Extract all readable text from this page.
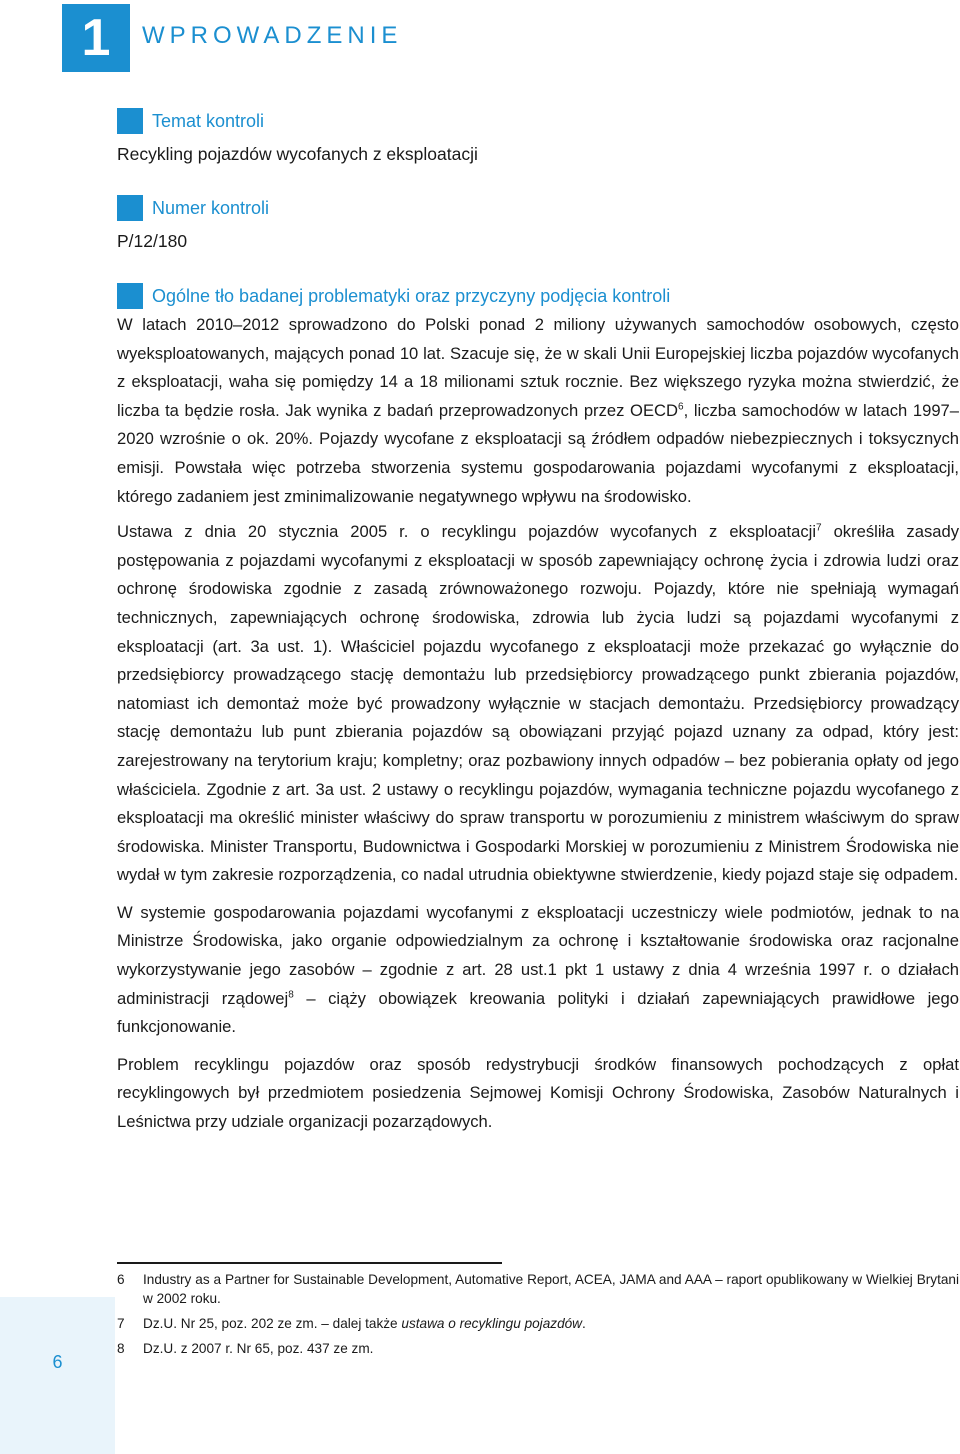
1	WPROWADZENIE
Temat kontroli
Recykling pojazdów wycofanych z eksploatacji
Numer kontroli
P/12/180
Ogólne tło badanej problematyki oraz przyczyny podjęcia kontroli

W latach 2010–2012 sprowadzono do Polski ponad 2 miliony używanych samochodów osobowych, często wyeksploatowanych, mających ponad 10 lat. Szacuje się, że w skali Unii Europejskiej liczba pojazdów wycofanych z eksploatacji, waha się pomiędzy 14 a 18 milionami sztuk rocznie. Bez większego ryzyka można stwierdzić, że liczba ta będzie rosła. Jak wynika z badań przeprowadzonych przez OECD$^6$, liczba samochodów w latach 1997–2020 wzrośnie o ok. 20%. Pojazdy wycofane z eksploatacji są źródłem odpadów niebezpiecznych i toksycznych emisji. Powstała więc potrzeba stworzenia systemu gospodarowania pojazdami wycofanymi z eksploatacji, którego zadaniem jest zminimalizowanie negatywnego wpływu na środowisko.

Ustawa z dnia 20 stycznia 2005 r. o recyklingu pojazdów wycofanych z eksploatacji$^7$ określiła zasady postępowania z pojazdami wycofanymi z eksploatacji w sposób zapewniający ochronę życia i zdrowia ludzi oraz ochronę środowiska zgodnie z zasadą zrównoważonego rozwoju. Pojazdy, które nie spełniają wymagań technicznych, zapewniających ochronę środowiska, zdrowia lub życia ludzi są pojazdami wycofanymi z eksploatacji (art. 3a ust. 1). Właściciel pojazdu wycofanego z eksploatacji może przekazać go wyłącznie do przedsiębiorcy prowadzącego stację demontażu lub przedsiębiorcy prowadzącego punkt zbierania pojazdów, natomiast ich demontaż może być prowadzony wyłącznie w stacjach demontażu. Przedsiębiorcy prowadzący stację demontażu lub punt zbierania pojazdów są obowiązani przyjąć pojazd uznany za odpad, który jest: zarejestrowany na terytorium kraju; kompletny; oraz pozbawiony innych odpadów – bez pobierania opłaty od jego właściciela. Zgodnie z art. 3a ust. 2 ustawy o recyklingu pojazdów, wymagania techniczne pojazdu wycofanego z eksploatacji ma określić minister właściwy do spraw transportu w porozumieniu z ministrem właściwym do spraw środowiska. Minister Transportu, Budownictwa i Gospodarki Morskiej w porozumieniu z Ministrem Środowiska nie wydał w tym zakresie rozporządzenia, co nadal utrudnia obiektywne stwierdzenie, kiedy pojazd staje się odpadem.

W systemie gospodarowania pojazdami wycofanymi z eksploatacji uczestniczy wiele podmiotów, jednak to na Ministrze Środowiska, jako organie odpowiedzialnym za ochronę i kształtowanie środowiska oraz racjonalne wykorzystywanie jego zasobów – zgodnie z art. 28 ust.1 pkt 1 ustawy z dnia 4 września 1997 r. o działach administracji rządowej$^8$ – ciąży obowiązek kreowania polityki i działań zapewniających prawidłowe jego funkcjonowanie.

Problem recyklingu pojazdów oraz sposób redystrybucji środków finansowych pochodzących z opłat recyklingowych był przedmiotem posiedzenia Sejmowej Komisji Ochrony Środowiska, Zasobów Naturalnych i Leśnictwa przy udziale organizacji pozarządowych.

6	Industry as a Partner for Sustainable Development, Automative Report, ACEA, JAMA and AAA – raport opublikowany w Wielkiej Brytani w 2002 roku.
7	Dz.U. Nr 25, poz. 202 ze zm. – dalej także ustawa o recyklingu pojazdów.
8	Dz.U. z 2007 r. Nr 65, poz. 437 ze zm.
6
